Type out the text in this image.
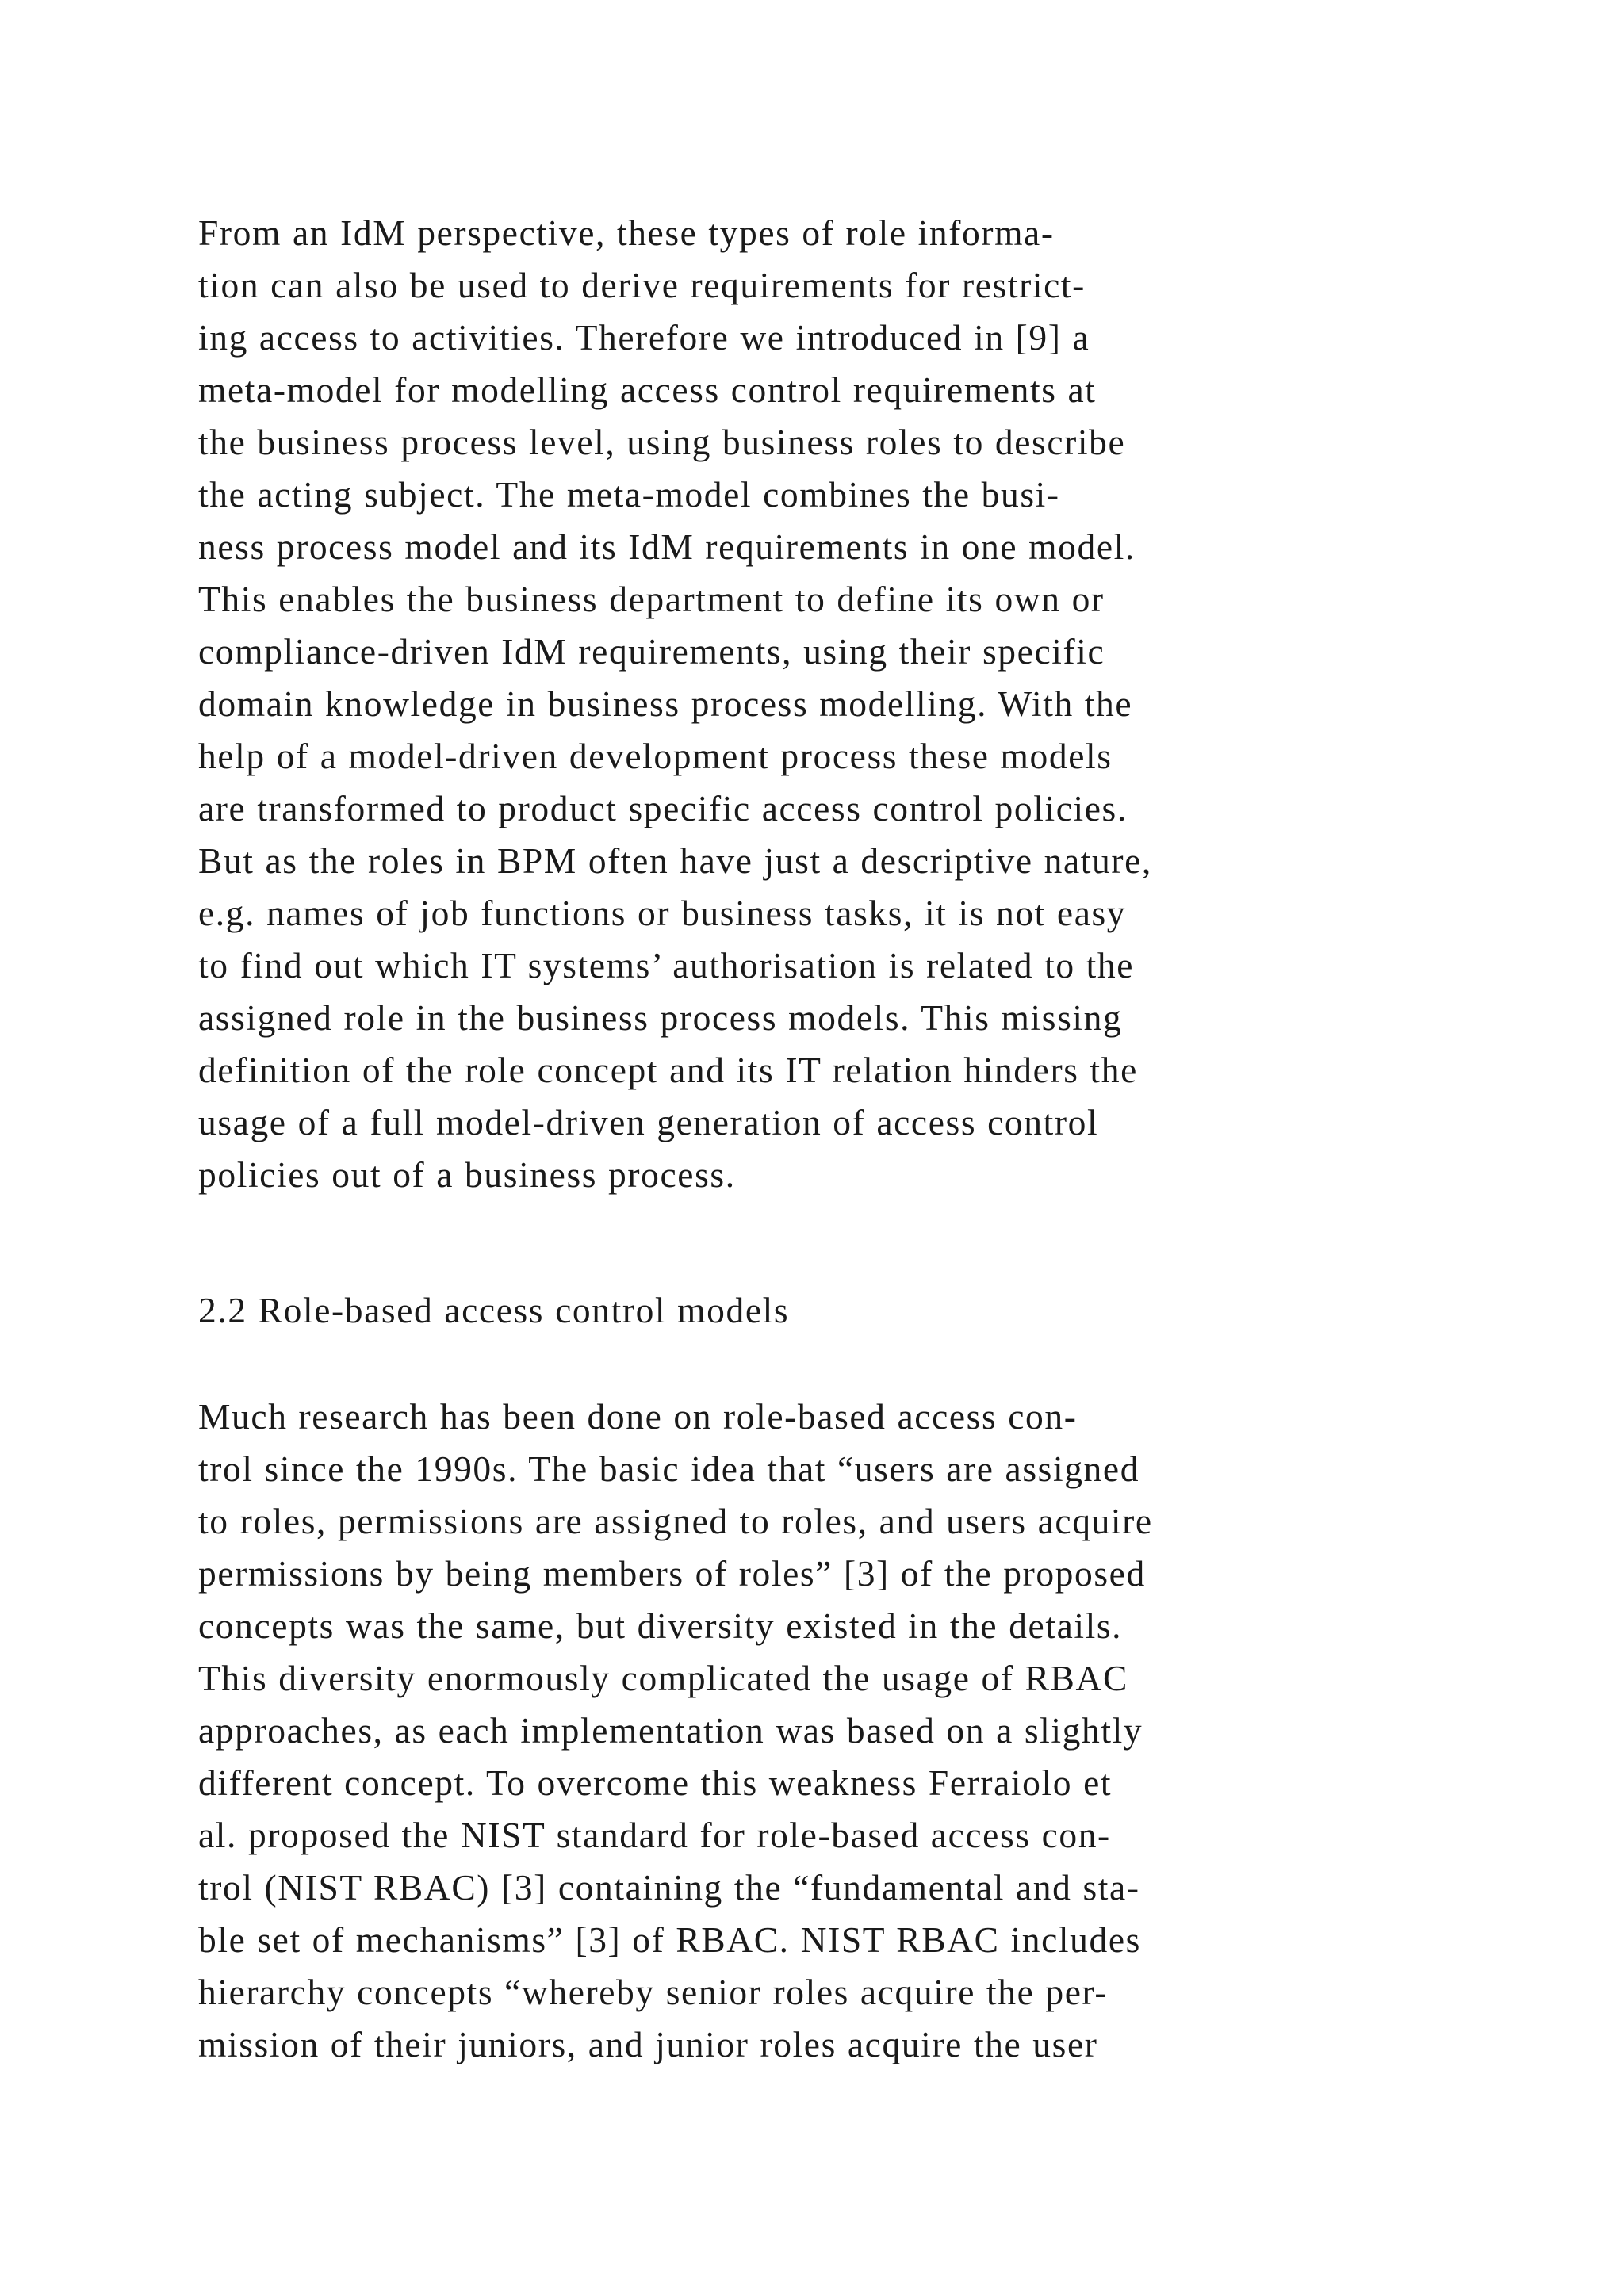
From an IdM perspective, these types of role informa-
tion can also be used to derive requirements for restrict-
ing access to activities. Therefore we introduced in [9] a
meta-model for modelling access control requirements at
the business process level, using business roles to describe
the acting subject. The meta-model combines the busi-
ness process model and its IdM requirements in one model.
This enables the business department to define its own or
compliance-driven IdM requirements, using their specific
domain knowledge in business process modelling. With the
help of a model-driven development process these models
are transformed to product specific access control policies.
But as the roles in BPM often have just a descriptive nature,
e.g. names of job functions or business tasks, it is not easy
to find out which IT systems’ authorisation is related to the
assigned role in the business process models. This missing
definition of the role concept and its IT relation hinders the
usage of a full model-driven generation of access control
policies out of a business process.
2.2 Role-based access control models
Much research has been done on role-based access con-
trol since the 1990s. The basic idea that “users are assigned
to roles, permissions are assigned to roles, and users acquire
permissions by being members of roles” [3] of the proposed
concepts was the same, but diversity existed in the details.
This diversity enormously complicated the usage of RBAC
approaches, as each implementation was based on a slightly
different concept. To overcome this weakness Ferraiolo et
al. proposed the NIST standard for role-based access con-
trol (NIST RBAC) [3] containing the “fundamental and sta-
ble set of mechanisms” [3] of RBAC. NIST RBAC includes
hierarchy concepts “whereby senior roles acquire the per-
mission of their juniors, and junior roles acquire the user
